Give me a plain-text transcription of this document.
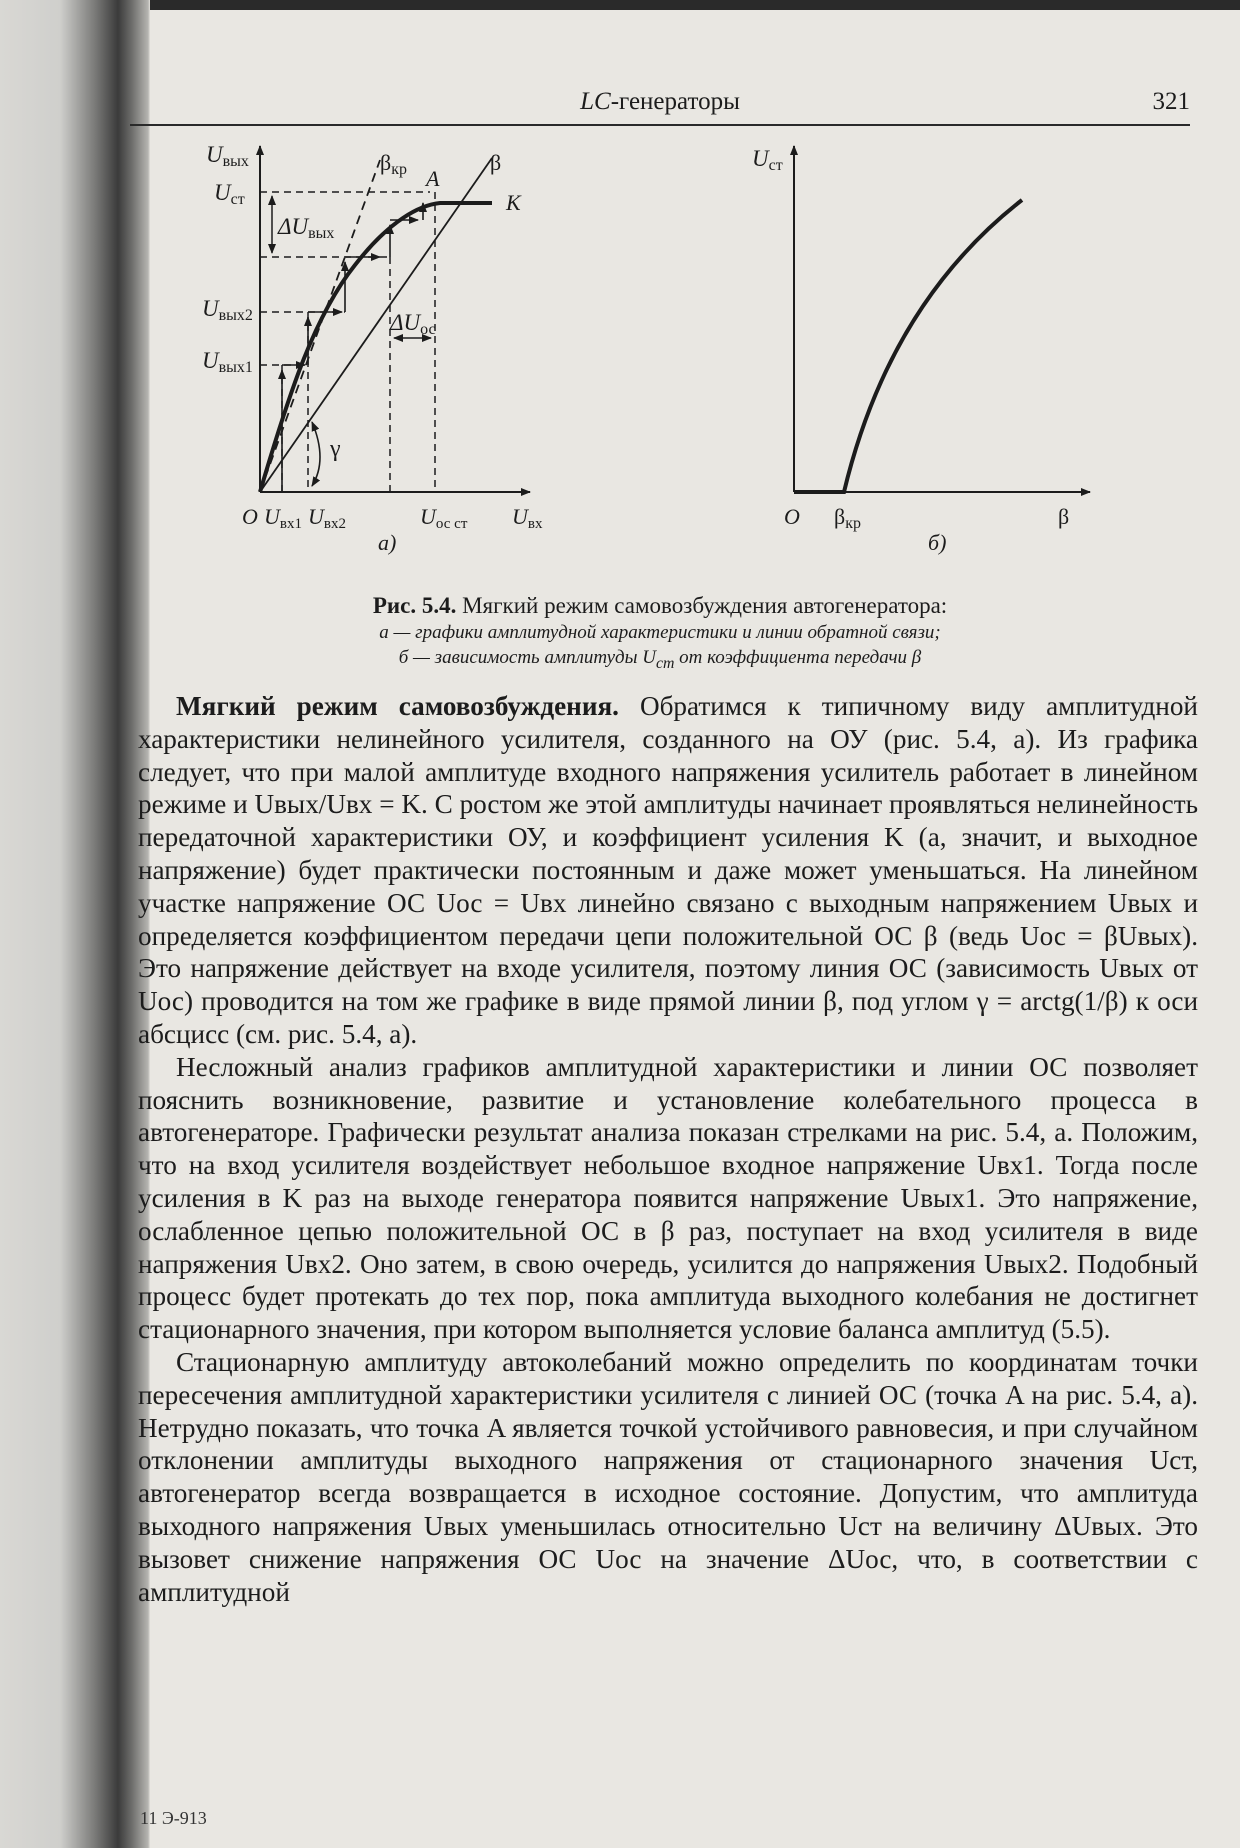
LC-генераторы	321
Uвых
Uст
ΔUвых
Uвых2
Uвых1
O Uвх1 Uвх2	Uос ст Uвх
ΔUос
βкр	β
A
K
γ
а)
Uст
O βкр	β
б)
Рис. 5.4. Мягкий режим самовозбуждения автогенератора:
а — графики амплитудной характеристики и линии обратной связи;
б — зависимость амплитуды $U_{ст}$ от коэффициента передачи β

Мягкий режим самовозбуждения. Обратимся к типичному виду амплитудной характеристики нелинейного усилителя, созданного на ОУ (рис. 5.4, а). Из графика следует, что при малой амплитуде входного напряжения усилитель работает в линейном режиме и Uвых/Uвх = K. С ростом же этой амплитуды начинает проявляться нелинейность передаточной характеристики ОУ, и коэффициент усиления K (а, значит, и выходное напряжение) будет практически постоянным и даже может уменьшаться. На линейном участке напряжение ОС Uос = Uвх линейно связано с выходным напряжением Uвых и определяется коэффициентом передачи цепи положительной ОС β (ведь Uос = βUвых). Это напряжение действует на входе усилителя, поэтому линия ОС (зависимость Uвых от Uос) проводится на том же графике в виде прямой линии β, под углом γ = arctg(1/β) к оси абсцисс (см. рис. 5.4, а).

Несложный анализ графиков амплитудной характеристики и линии ОС позволяет пояснить возникновение, развитие и установление колебательного процесса в автогенераторе. Графически результат анализа показан стрелками на рис. 5.4, а. Положим, что на вход усилителя воздействует небольшое входное напряжение Uвх1. Тогда после усиления в K раз на выходе генератора появится напряжение Uвых1. Это напряжение, ослабленное цепью положительной ОС в β раз, поступает на вход усилителя в виде напряжения Uвх2. Оно затем, в свою очередь, усилится до напряжения Uвых2. Подобный процесс будет протекать до тех пор, пока амплитуда выходного колебания не достигнет стационарного значения, при котором выполняется условие баланса амплитуд (5.5).

Стационарную амплитуду автоколебаний можно определить по координатам точки пересечения амплитудной характеристики усилителя с линией ОС (точка A на рис. 5.4, а). Нетрудно показать, что точка A является точкой устойчивого равновесия, и при случайном отклонении амплитуды выходного напряжения от стационарного значения Uст, автогенератор всегда возвращается в исходное состояние. Допустим, что амплитуда выходного напряжения Uвых уменьшилась относительно Uст на величину ΔUвых. Это вызовет снижение напряжения ОС Uос на значение ΔUос, что, в соответствии с амплитудной

11 Э-913
